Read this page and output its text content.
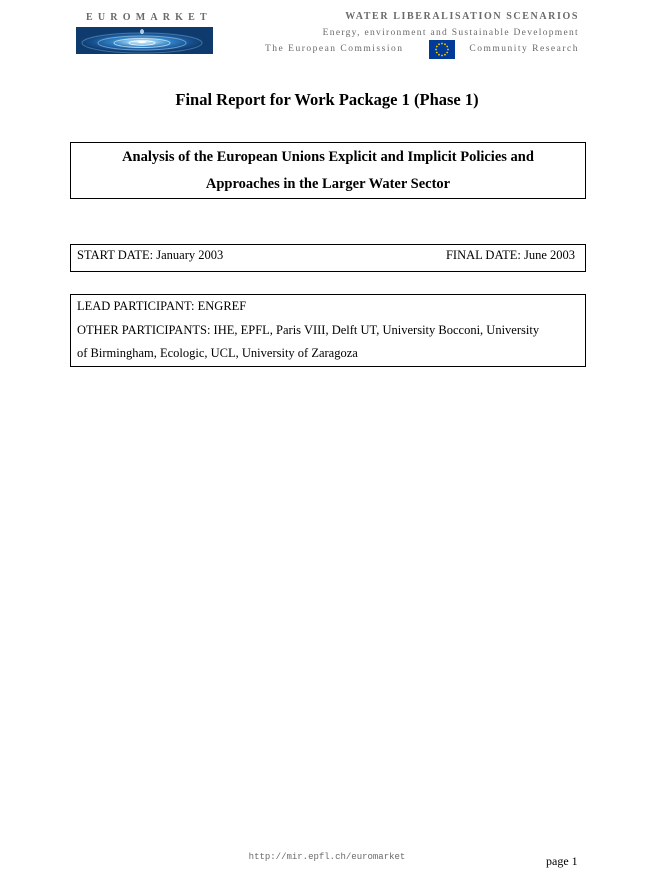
EUROMARKET	WATER LIBERALISATION SCENARIOS
Energy, environment and Sustainable Development
The European Commission	Community Research
Final Report for Work Package 1 (Phase 1)
Analysis of the European Unions Explicit and Implicit Policies and
Approaches in the Larger Water Sector
START DATE: January 2003	FINAL DATE: June 2003
LEAD PARTICIPANT: ENGREF
OTHER PARTICIPANTS: IHE, EPFL, Paris VIII, Delft UT, University Bocconi, University
of Birmingham, Ecologic, UCL, University of Zaragoza
http://mir.epfl.ch/euromarket	page 1
